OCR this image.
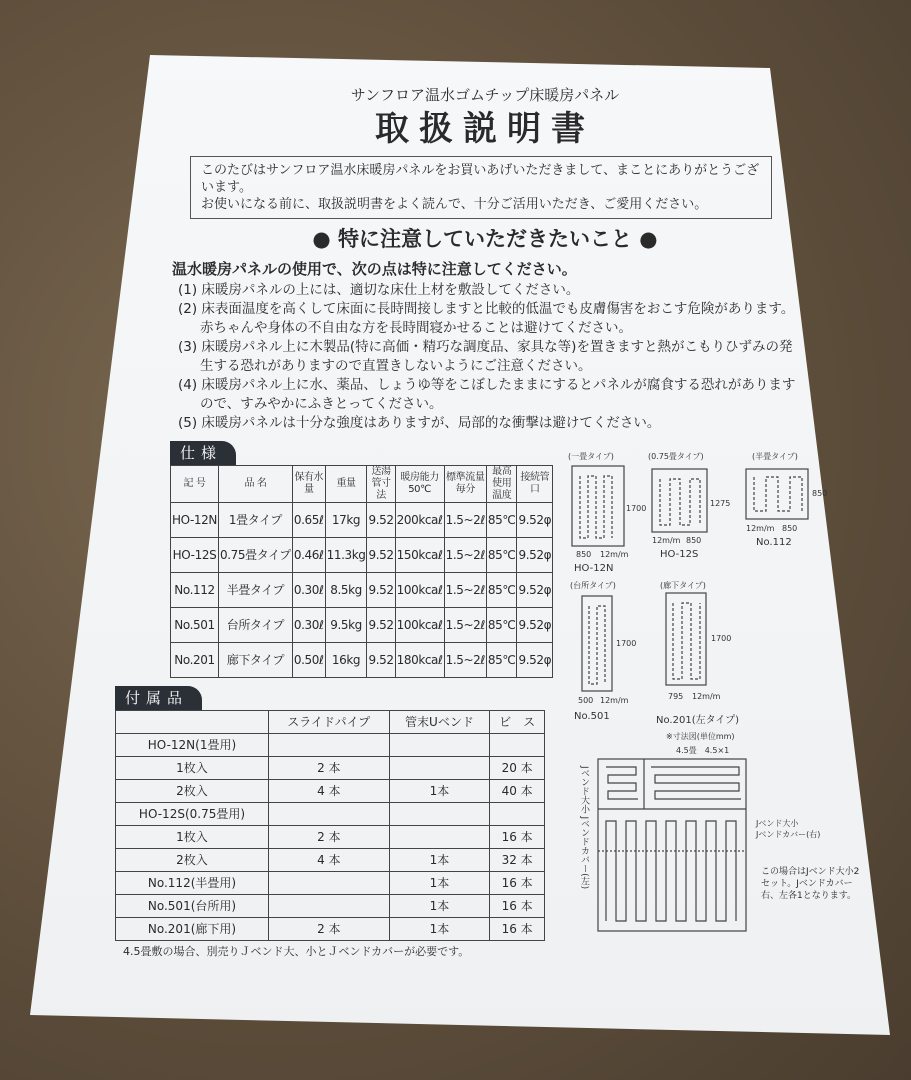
サンフロア温水ゴムチップ床暖房パネル
取扱説明書
このたびはサンフロア温水床暖房パネルをお買いあげいただきまして、まことにありがとうございます。
お使いになる前に、取扱説明書をよく読んで、十分ご活用いただき、ご愛用ください。
● 特に注意していただきたいこと ●
温水暖房パネルの使用で、次の点は特に注意してください。
(1) 床暖房パネルの上には、適切な床仕上材を敷設してください。
(2) 床表面温度を高くして床面に長時間接しますと比較的低温でも皮膚傷害をおこす危険があります。赤ちゃんや身体の不自由な方を長時間寝かせることは避けてください。
(3) 床暖房パネル上に木製品(特に高価・精巧な調度品、家具な等)を置きますと熱がこもりひずみの発生する恐れがありますので直置きしないようにご注意ください。
(4) 床暖房パネル上に水、薬品、しょうゆ等をこぼしたままにするとパネルが腐食する恐れがありますので、すみやかにふきとってください。
(5) 床暖房パネルは十分な強度はありますが、局部的な衝撃は避けてください。
仕様
記 号	品 名	保有水量	重量	送湯管寸法	暖房能力50℃	標準流量毎分	最高使用温度	接続管口
HO-12N	1畳タイプ	0.65ℓ	17kg	9.52	200kcaℓ	1.5~2ℓ	85℃	9.52φ
HO-12S	0.75畳タイプ	0.46ℓ	11.3kg	9.52	150kcaℓ	1.5~2ℓ	85℃	9.52φ
No.112	半畳タイプ	0.30ℓ	8.5kg	9.52	100kcaℓ	1.5~2ℓ	85℃	9.52φ
No.501	台所タイプ	0.30ℓ	9.5kg	9.52	100kcaℓ	1.5~2ℓ	85℃	9.52φ
No.201	廊下タイプ	0.50ℓ	16kg	9.52	180kcaℓ	1.5~2ℓ	85℃	9.52φ
付属品
	スライドパイプ	管末Uベンド	ビ　ス
HO-12N(1畳用)			
1枚入	2 本		20 本
2枚入	4 本	1本	40 本
HO-12S(0.75畳用)			
1枚入	2 本		16 本
2枚入	4 本	1本	32 本
No.112(半畳用)		1本	16 本
No.501(台所用)		1本	16 本
No.201(廊下用)	2 本	1本	16 本
4.5畳敷の場合、別売りＪベンド大、小とＪベンドカバーが必要です。
(一畳タイプ)	(0.75畳タイプ)	(半畳タイプ)
850
1700
12m/m
850
1275
12m/m
850
850
12m/m
(台所タイプ)	(廊下タイプ)
500
1700
12m/m	795
1700
12m/m
※寸法図(単位mm)
4.5畳　4.5×1
Jベンド大小
Jベンドカバー(右)
HO-12N
HO-12S
No.112
No.501	No.201(左タイプ)
Jベンド大小 Jベンドカバー(左)	この場合はJベンド大小2セット。Jベンドカバー右、左各1となります。
